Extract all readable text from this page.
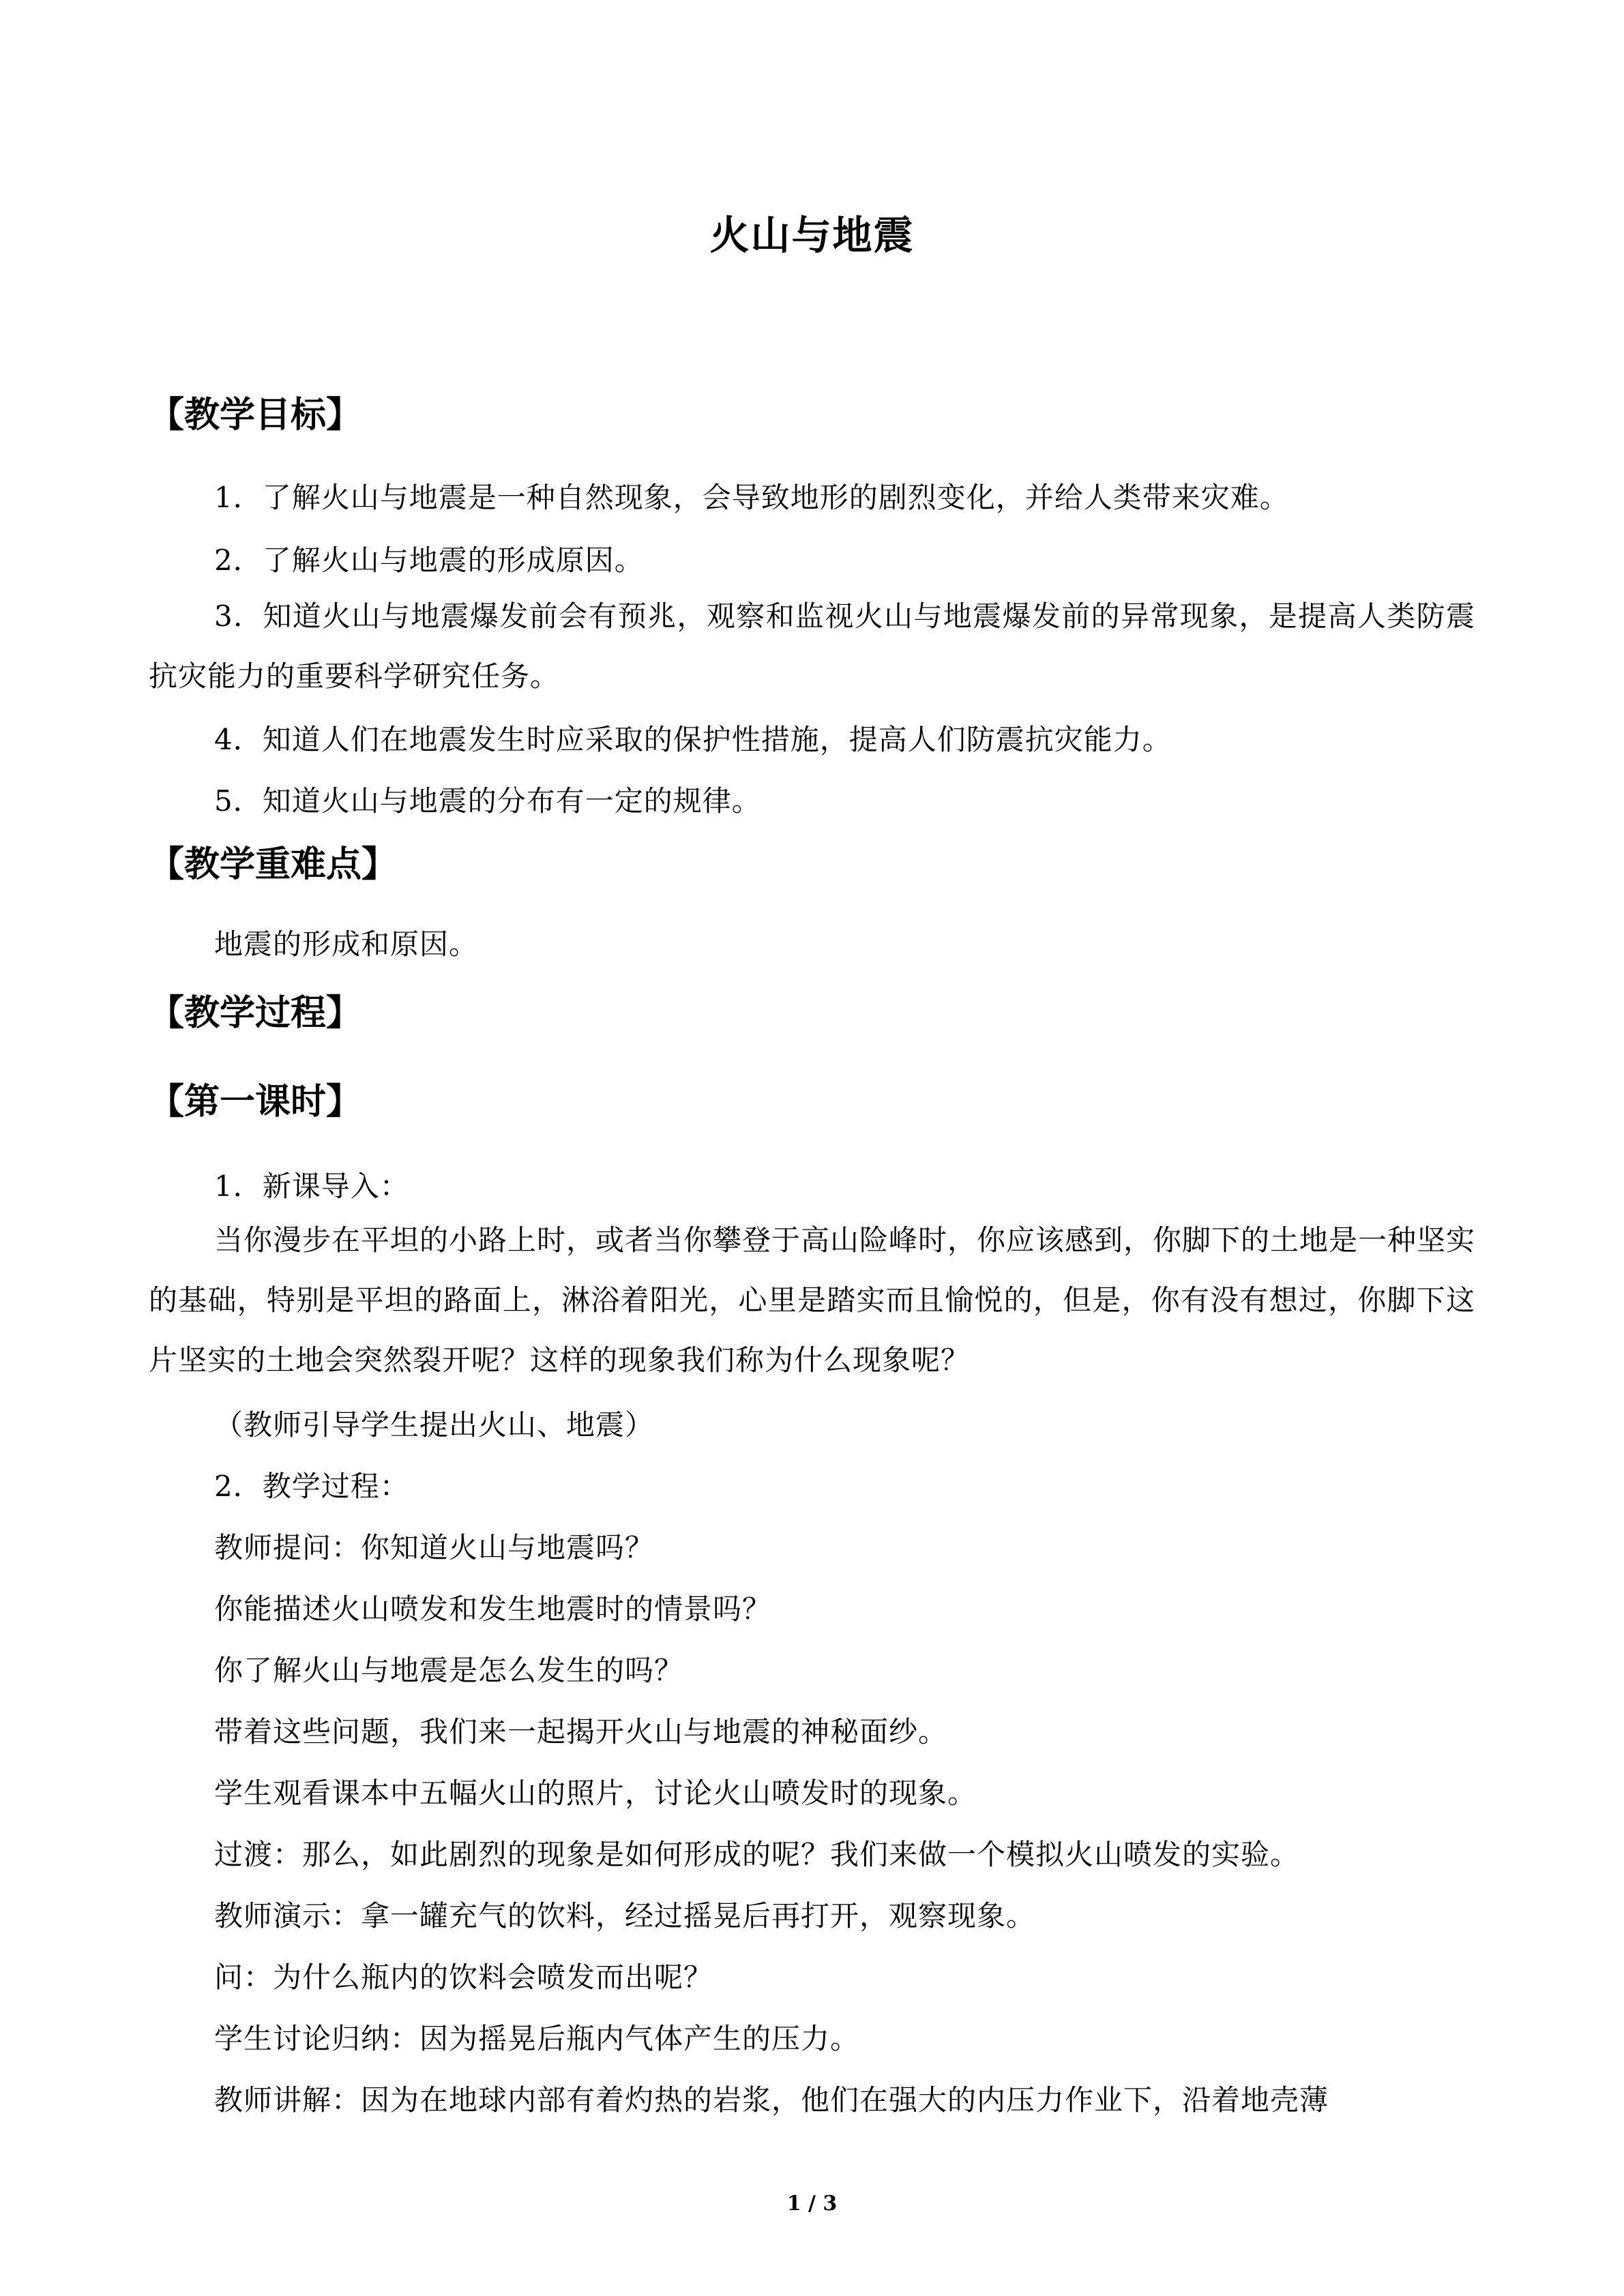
火山与地震
【教学目标】
1．了解火山与地震是一种自然现象，会导致地形的剧烈变化，并给人类带来灾难。
2．了解火山与地震的形成原因。
3．知道火山与地震爆发前会有预兆，观察和监视火山与地震爆发前的异常现象，是提高人类防震抗灾能力的重要科学研究任务。
4．知道人们在地震发生时应采取的保护性措施，提高人们防震抗灾能力。
5．知道火山与地震的分布有一定的规律。
【教学重难点】
地震的形成和原因。
【教学过程】
【第一课时】
1．新课导入：
当你漫步在平坦的小路上时，或者当你攀登于高山险峰时，你应该感到，你脚下的土地是一种坚实的基础，特别是平坦的路面上，淋浴着阳光，心里是踏实而且愉悦的，但是，你有没有想过，你脚下这片坚实的土地会突然裂开呢？这样的现象我们称为什么现象呢？
（教师引导学生提出火山、地震）
2．教学过程：
教师提问：你知道火山与地震吗？
你能描述火山喷发和发生地震时的情景吗？
你了解火山与地震是怎么发生的吗？
带着这些问题，我们来一起揭开火山与地震的神秘面纱。
学生观看课本中五幅火山的照片，讨论火山喷发时的现象。
过渡：那么，如此剧烈的现象是如何形成的呢？我们来做一个模拟火山喷发的实验。
教师演示：拿一罐充气的饮料，经过摇晃后再打开，观察现象。
问：为什么瓶内的饮料会喷发而出呢？
学生讨论归纳：因为摇晃后瓶内气体产生的压力。
教师讲解：因为在地球内部有着灼热的岩浆，他们在强大的内压力作业下，沿着地壳薄
1 / 3
